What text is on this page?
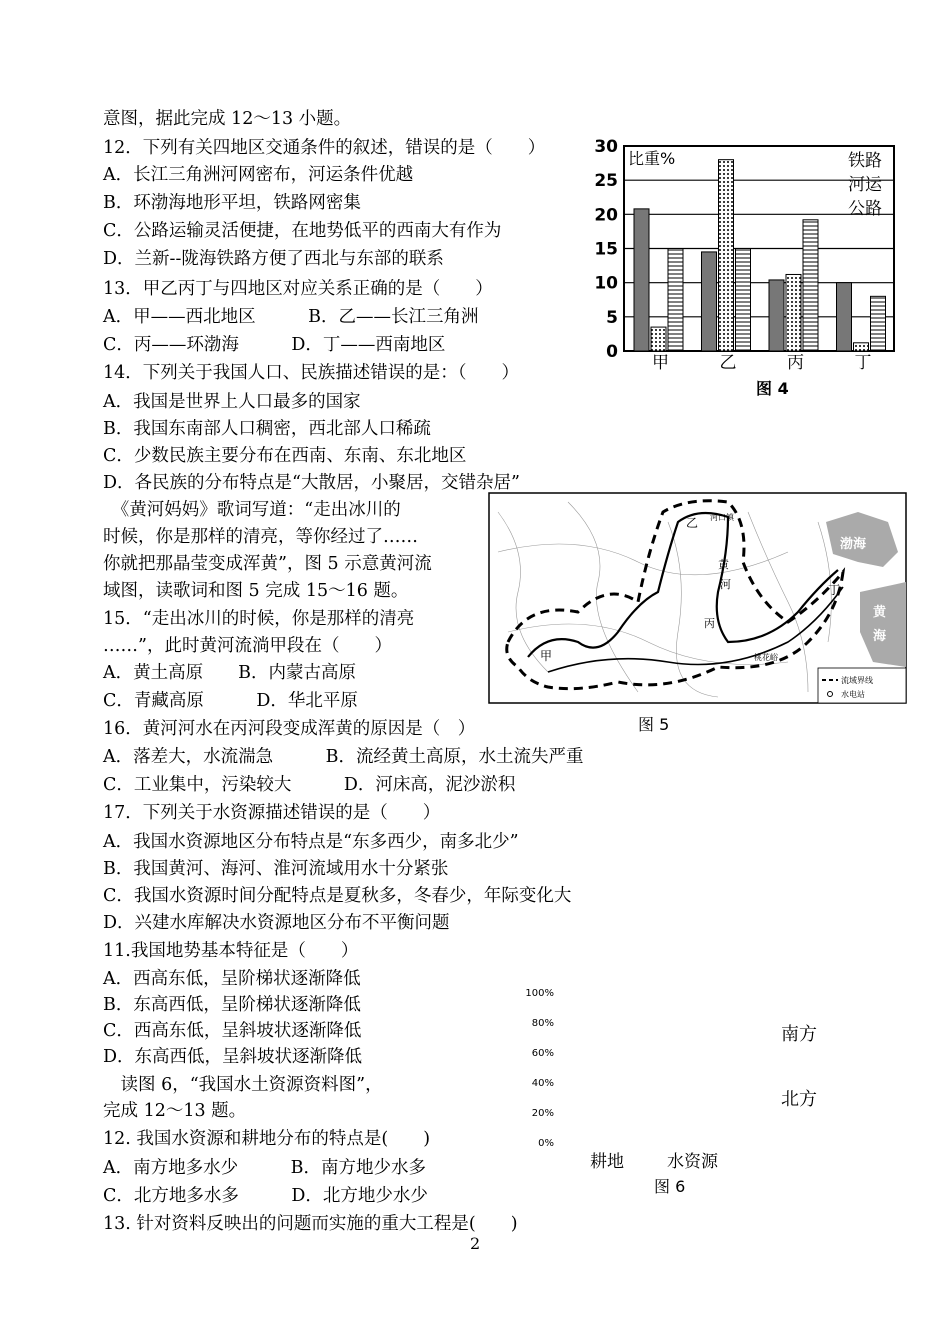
意图，据此完成 12～13 小题。
12．下列有关四地区交通条件的叙述，错误的是（　　）
A．长江三角洲河网密布，河运条件优越
B．环渤海地形平坦，铁路网密集
C．公路运输灵活便捷，在地势低平的西南大有作为
D．兰新--陇海铁路方便了西北与东部的联系
13．甲乙丙丁与四地区对应关系正确的是（　　）
A．甲——西北地区　　　B．乙——长江三角洲
C．丙——环渤海　　　D．丁——西南地区
14．下列关于我国人口、民族描述错误的是：（　　）
A．我国是世界上人口最多的国家
B．我国东南部人口稠密，西北部人口稀疏
C．少数民族主要分布在西南、东南、东北地区
D．各民族的分布特点是“大散居，小聚居，交错杂居”
　《黄河妈妈》歌词写道：“走出冰川的
时候，你是那样的清亮，等你经过了……
你就把那晶莹变成浑黄”，图 5 示意黄河流
域图，读歌词和图 5 完成 15～16 题。
15．“走出冰川的时候，你是那样的清亮
……”，此时黄河流淌甲段在（　　）
A．黄土高原　　B．内蒙古高原
C．青藏高原　　　D．华北平原
16．黄河河水在丙河段变成浑黄的原因是（　）
A．落差大，水流湍急　　　B．流经黄土高原，水土流失严重
C．工业集中，污染较大　　　D．河床高，泥沙淤积
17．下列关于水资源描述错误的是（　　）
A．我国水资源地区分布特点是“东多西少，南多北少”
B．我国黄河、海河、淮河流域用水十分紧张
C．我国水资源时间分配特点是夏秋多，冬春少，年际变化大
D．兴建水库解决水资源地区分布不平衡问题
11.我国地势基本特征是（　　）
A．西高东低，呈阶梯状逐渐降低
B．东高西低，呈阶梯状逐渐降低
C．西高东低，呈斜坡状逐渐降低
D．东高西低，呈斜坡状逐渐降低
　读图 6，“我国水土资源资料图”，
完成 12～13 题。
12. 我国水资源和耕地分布的特点是(　　)
A．南方地多水少　　　B．南方地少水多
C．北方地多水多　　　D．北方地少水少
13. 针对资料反映出的问题而实施的重大工程是(　　)
0
5
10
15
20
25
30
甲	乙	丙	丁
比重%	铁路
河运
公路
图 4
甲
乙
丙
丁
黄
河
河口镇
桃花峪
渤海
黄
海
流域界线
水电站
图 5
100%
80%
60%
40%
20%
0%
南方
北方
耕地	水资源
图 6
2
